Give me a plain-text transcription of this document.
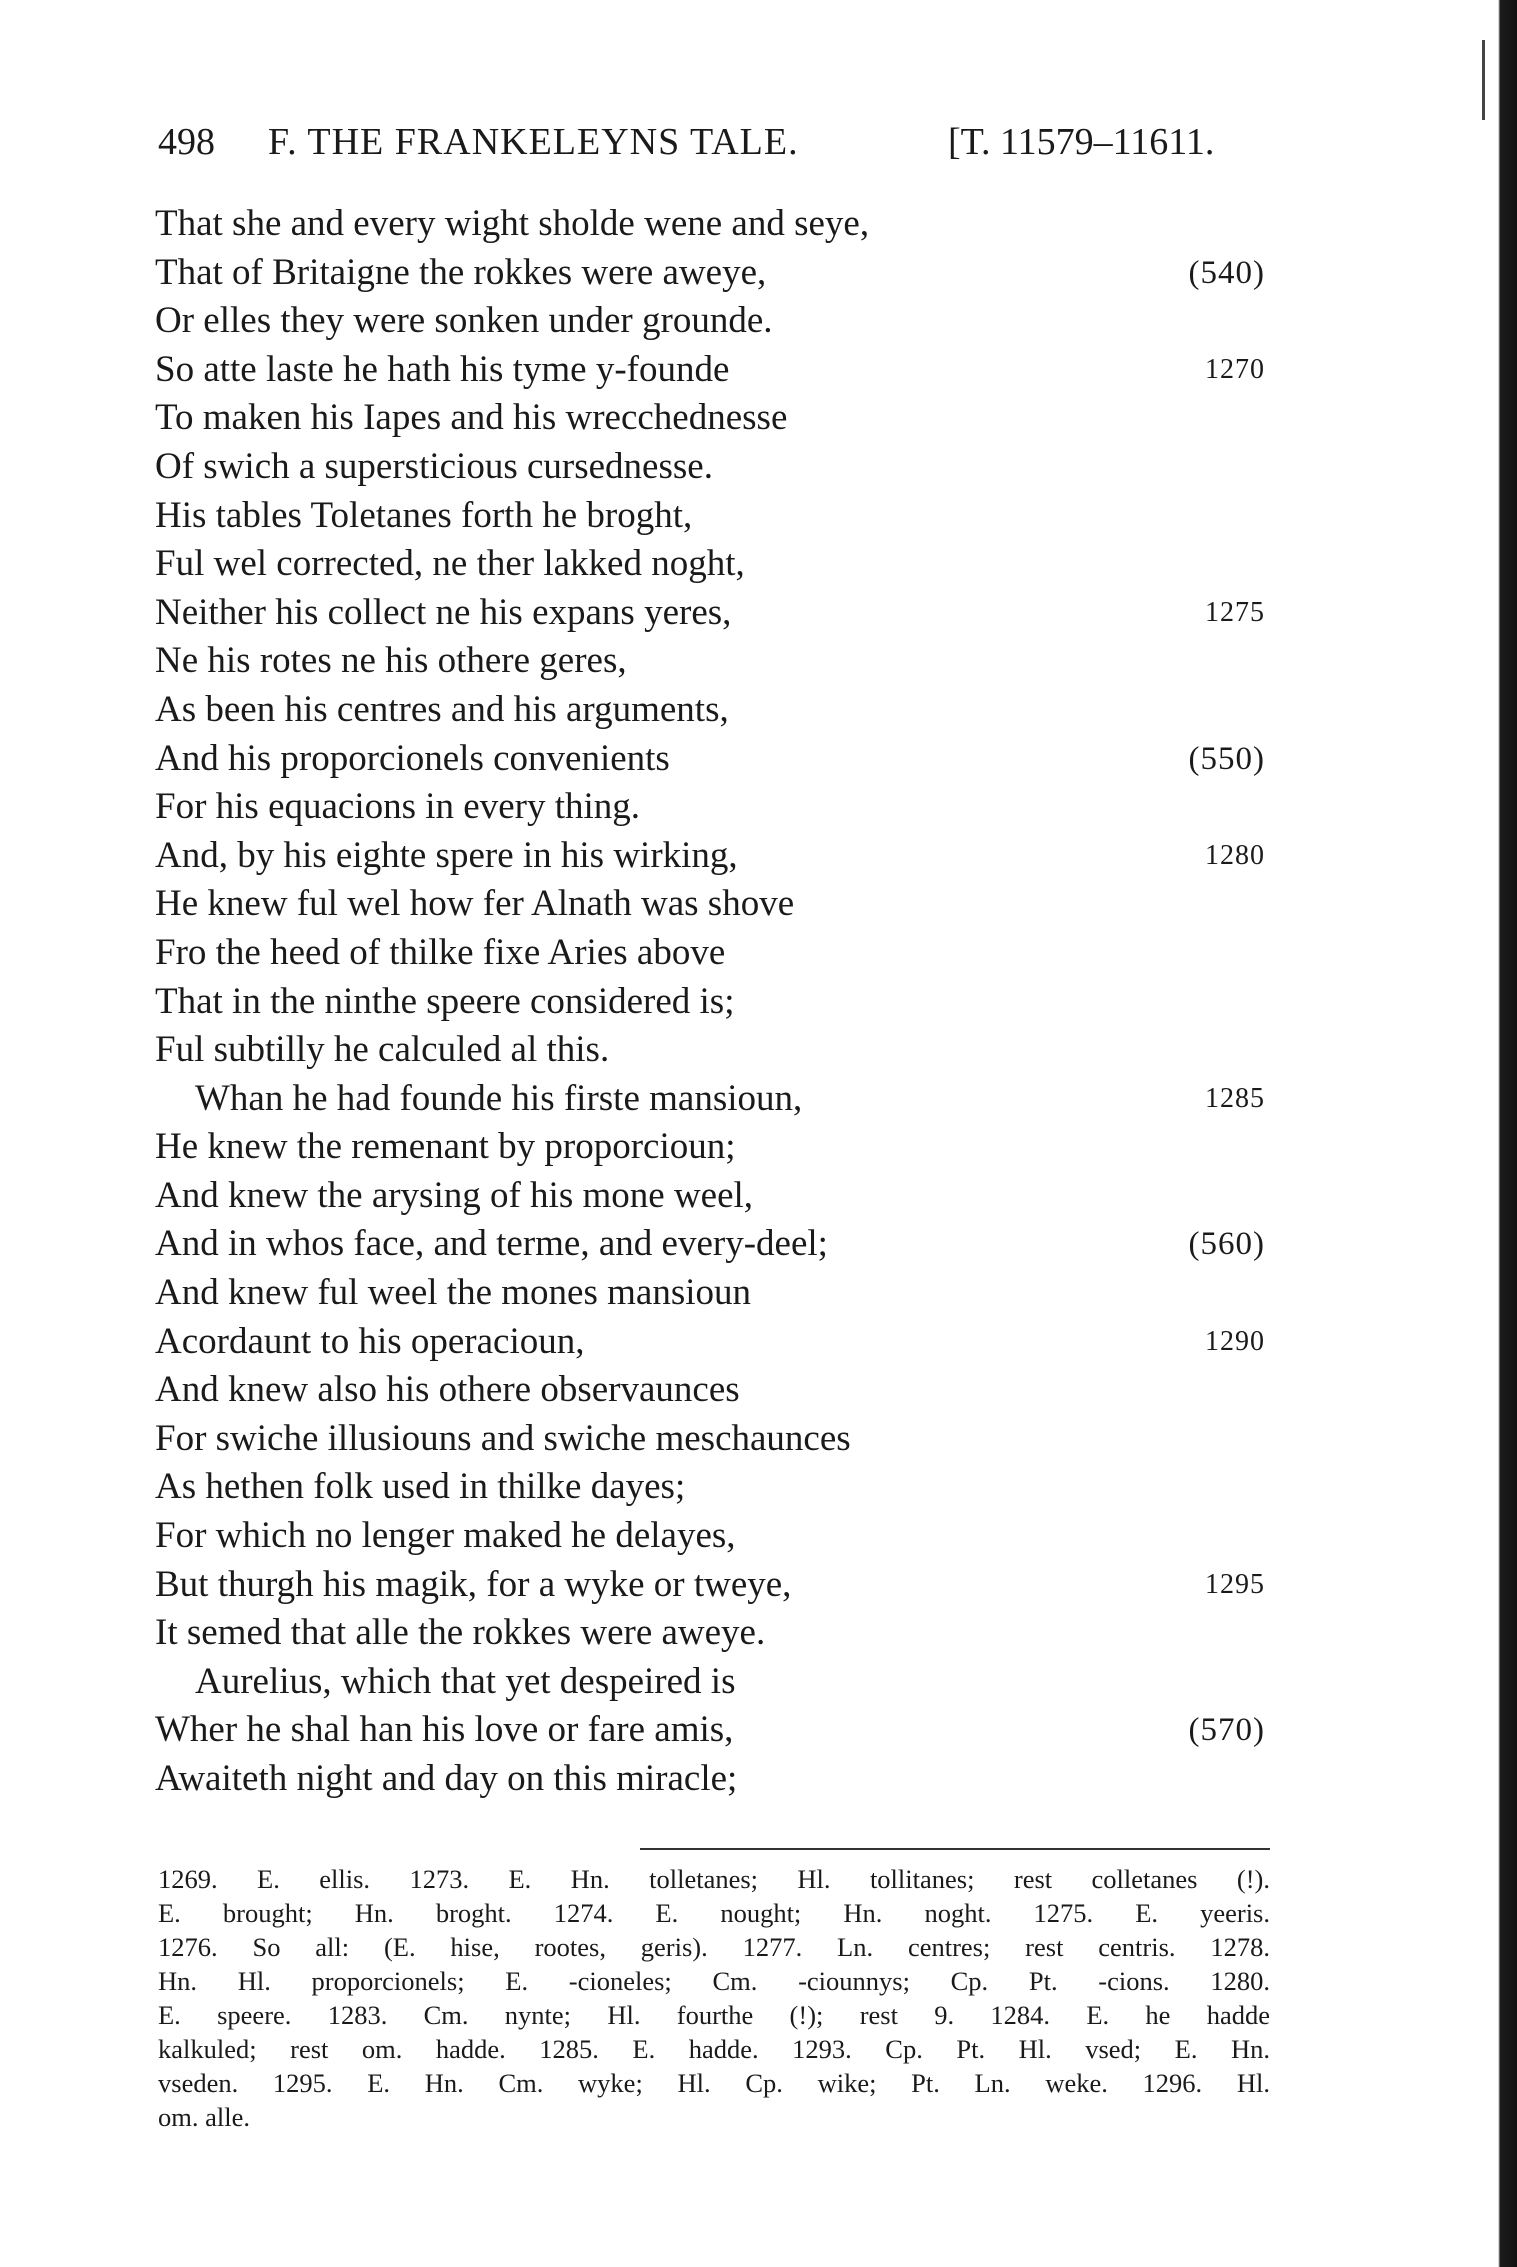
498 F. THE FRANKELEYNS TALE.	[T. 11579–11611.
That she and every wight sholde wene and seye,
That of Britaigne the rokkes were aweye,	(540)
Or elles they were sonken under grounde.
So atte laste he hath his tyme y-founde	1270
To maken his Iapes and his wrecchednesse
Of swich a supersticious cursednesse.
His tables Toletanes forth he broght,
Ful wel corrected, ne ther lakked noght,
Neither his collect ne his expans yeres,	1275
Ne his rotes ne his othere geres,
As been his centres and his arguments,
And his proporcionels convenients	(550)
For his equacions in every thing.
And, by his eighte spere in his wirking,	1280
He knew ful wel how fer Alnath was shove
Fro the heed of thilke fixe Aries above
That in the ninthe speere considered is;
Ful subtilly he calculed al this.
Whan he had founde his firste mansioun,	1285
He knew the remenant by proporcioun;
And knew the arysing of his mone weel,
And in whos face, and terme, and every-deel;	(560)
And knew ful weel the mones mansioun
Acordaunt to his operacioun,	1290
And knew also his othere observaunces
For swiche illusiouns and swiche meschaunces
As hethen folk used in thilke dayes;
For which no lenger maked he delayes,
But thurgh his magik, for a wyke or tweye,	1295
It semed that alle the rokkes were aweye.
Aurelius, which that yet despeired is
Wher he shal han his love or fare amis,	(570)
Awaiteth night and day on this miracle;
1269. E. ellis. 1273. E. Hn. tolletanes; Hl. tollitanes; rest colletanes (!).
E. brought; Hn. broght. 1274. E. nought; Hn. noght. 1275. E. yeeris.
1276. So all: (E. hise, rootes, geris). 1277. Ln. centres; rest centris. 1278.
Hn. Hl. proporcionels; E. -cioneles; Cm. -ciounnys; Cp. Pt. -cions. 1280.
E. speere. 1283. Cm. nynte; Hl. fourthe (!); rest 9. 1284. E. he hadde
kalkuled; rest om. hadde. 1285. E. hadde. 1293. Cp. Pt. Hl. vsed; E. Hn.
vseden. 1295. E. Hn. Cm. wyke; Hl. Cp. wike; Pt. Ln. weke. 1296. Hl.
om. alle.
